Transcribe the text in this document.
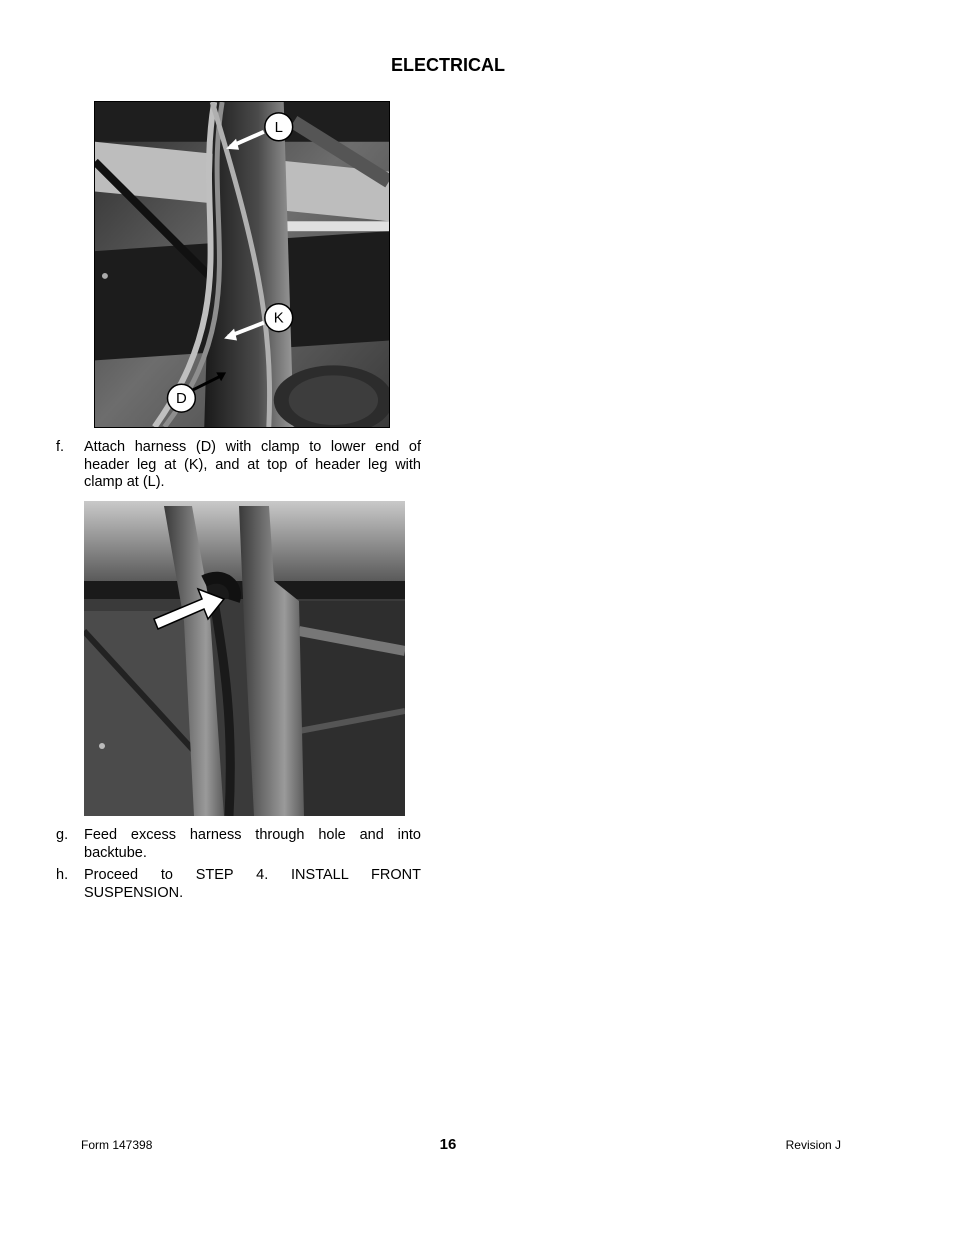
ELECTRICAL
L
K
D
f.	Attach harness (D) with clamp to lower end of header leg at (K), and at top of header leg with clamp at (L).
g.	Feed excess harness through hole and into backtube.
h.	Proceed to STEP 4. INSTALL FRONT SUSPENSION.
Form 147398	16	Revision J
